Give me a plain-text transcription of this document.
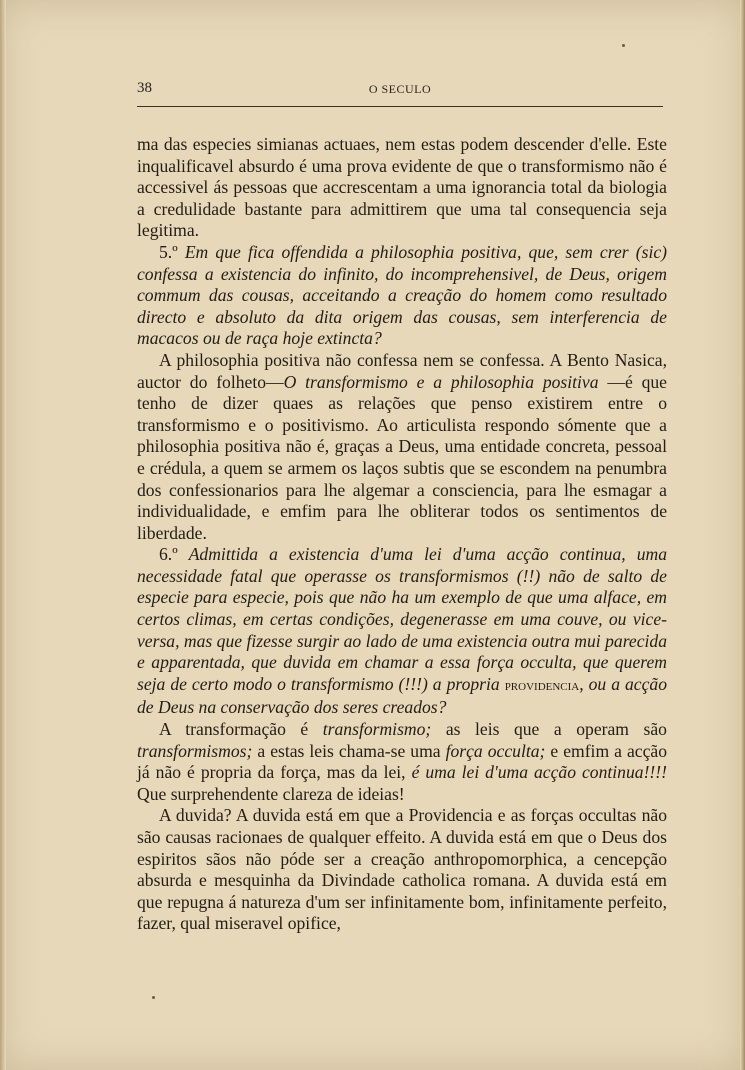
38	O SECULO

ma das especies simianas actuaes, nem estas podem descender d'elle. Este inqualificavel absurdo é uma prova evidente de que o transformismo não é accessivel ás pessoas que accrescentam a uma ignorancia total da biologia a credulidade bastante para admittirem que uma tal consequencia seja legitima.

5.º Em que fica offendida a philosophia positiva, que, sem crer (sic) confessa a existencia do infinito, do incomprehensivel, de Deus, origem commum das cousas, acceitando a creação do homem como resultado directo e absoluto da dita origem das cousas, sem interferencia de macacos ou de raça hoje extincta?

A philosophia positiva não confessa nem se confessa. A Bento Nasica, auctor do folheto—O transformismo e a philosophia positiva —é que tenho de dizer quaes as relações que penso existirem entre o transformismo e o positivismo. Ao articulista respondo sómente que a philosophia positiva não é, graças a Deus, uma entidade concreta, pessoal e crédula, a quem se armem os laços subtis que se escondem na penumbra dos confessionarios para lhe algemar a consciencia, para lhe esmagar a individualidade, e emfim para lhe obliterar todos os sentimentos de liberdade.

6.º Admittida a existencia d'uma lei d'uma acção continua, uma necessidade fatal que operasse os transformismos (!!) não de salto de especie para especie, pois que não ha um exemplo de que uma alface, em certos climas, em certas condições, degenerasse em uma couve, ou vice-versa, mas que fizesse surgir ao lado de uma existencia outra mui parecida e apparentada, que duvida em chamar a essa força occulta, que querem seja de certo modo o transformismo (!!!) a propria providencia, ou a acção de Deus na conservação dos seres creados?

A transformação é transformismo; as leis que a operam são transformismos; a estas leis chama-se uma força occulta; e emfim a acção já não é propria da força, mas da lei, é uma lei d'uma acção continua!!!! Que surprehendente clareza de ideias!

A duvida? A duvida está em que a Providencia e as forças occultas não são causas racionaes de qualquer effeito. A duvida está em que o Deus dos espiritos sãos não póde ser a creação anthropomorphica, a cencepção absurda e mesquinha da Divindade catholica romana. A duvida está em que repugna á natureza d'um ser infinitamente bom, infinitamente perfeito, fazer, qual miseravel opifice,
